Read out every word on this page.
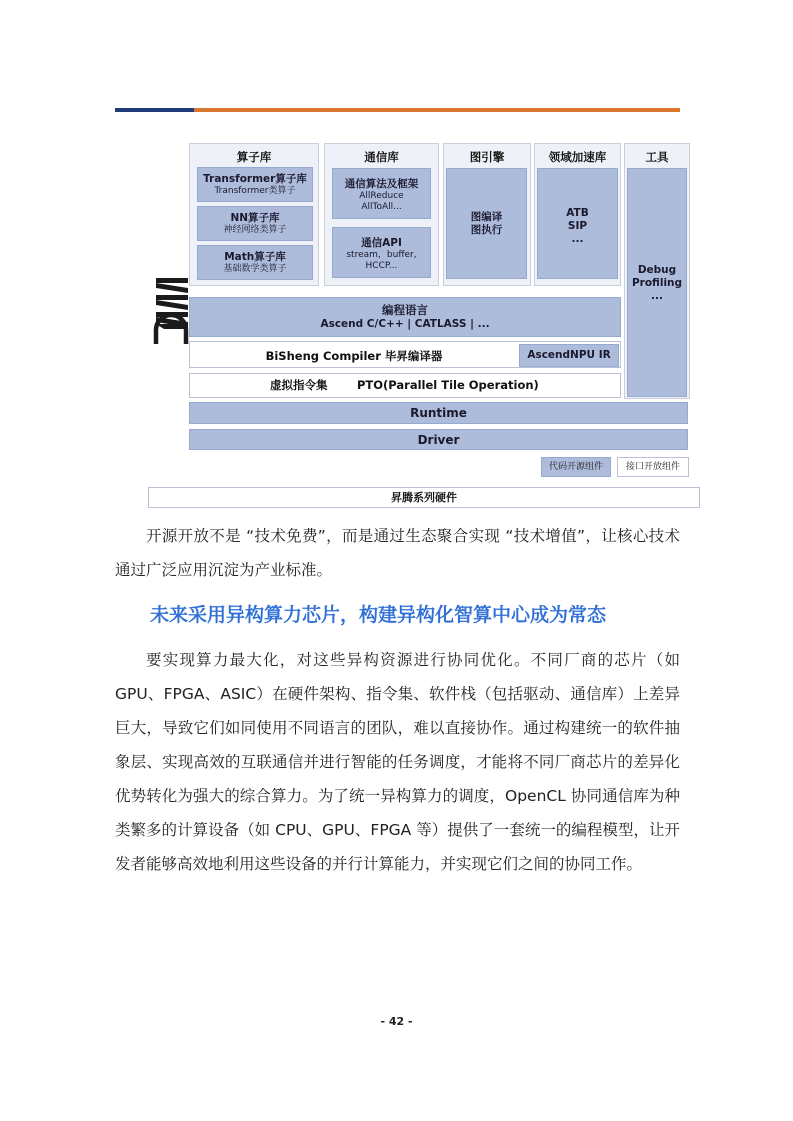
CANN
算子库
Transformer算子库
Transformer类算子
NN算子库
神经网络类算子
Math算子库
基础数学类算子
通信库
通信算法及框架
AllReduce
AllToAll...
通信API
stream，buffer,
HCCP...
图引擎
图编译
图执行
领域加速库
ATB
SIP
...
工具
Debug
Profiling
...
编程语言
Ascend C/C++ | CATLASS | ...
BiSheng Compiler 毕昇编译器	AscendNPU IR
虚拟指令集	PTO(Parallel Tile Operation)
Runtime
Driver
代码开源组件	接口开放组件
昇腾系列硬件

开源开放不是 “技术免费”，而是通过生态聚合实现 “技术增值”，让核心技术通过广泛应用沉淀为产业标准。

未来采用异构算力芯片，构建异构化智算中心成为常态

要实现算力最大化，对这些异构资源进行协同优化。不同厂商的芯片（如 GPU、FPGA、ASIC）在硬件架构、指令集、软件栈（包括驱动、通信库）上差异巨大，导致它们如同使用不同语言的团队，难以直接协作。通过构建统一的软件抽象层、实现高效的互联通信并进行智能的任务调度，才能将不同厂商芯片的差异化优势转化为强大的综合算力。为了统一异构算力的调度，OpenCL 协同通信库为种类繁多的计算设备（如 CPU、GPU、FPGA 等）提供了一套统一的编程模型，让开发者能够高效地利用这些设备的并行计算能力，并实现它们之间的协同工作。

- 42 -
